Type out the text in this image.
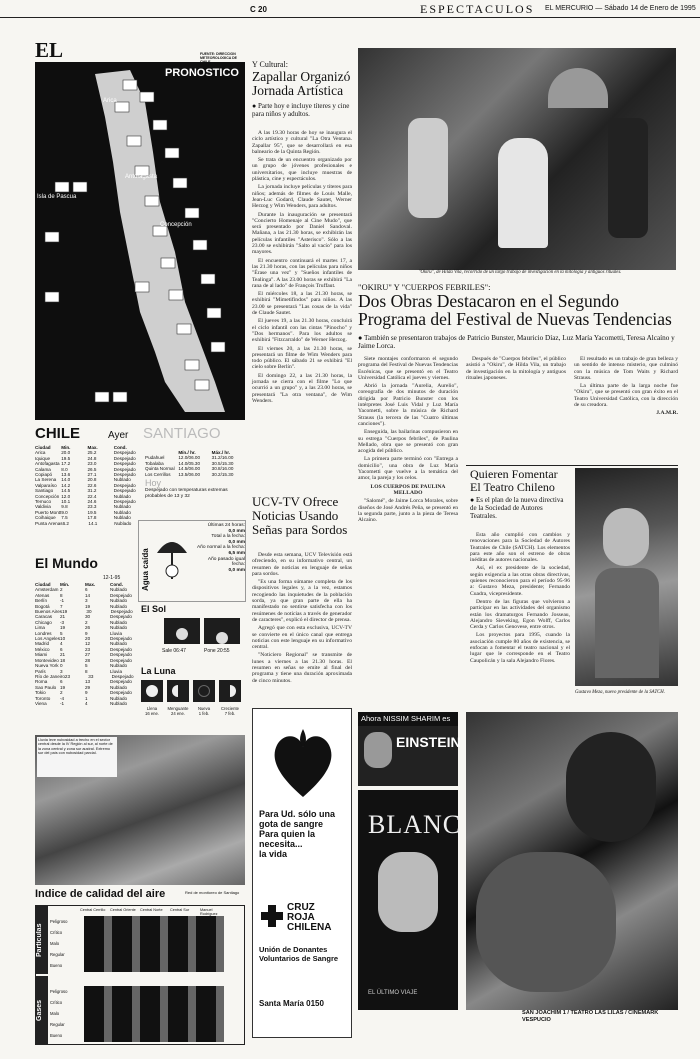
C 20	ESPECTACULOS EL MERCURIO — Sábado 14 de Enero de 1995
EL	FUENTE: DIRECCION METEOROLOGICA DE
PRONOSTICO
Arica
Antofagasta
Isla de Pascua
Concepción
CHILE	Ayer SANTIAGO
Ciudad	Min.	Max.	Cond.
Arica	20.0	25.2	Despejado
Iquique	19.5	24.8	Despejado
Antofagasta 17.2	23.0	Despejado
Calama	8.0	26.5	Despejado
Copiapó	13.6	27.1	Despejado
La Serena	14.0	20.8	Nublado
Valparaíso	14.2	22.6	Despejado
Santiago	14.5	31.2	Despejado
Concepción 12.0	22.4	Nublado
Temuco	10.1	24.6	Despejado
Valdivia	9.8	23.3	Nublado
Puerto Montt 9.0	19.5	Nublado
Coihaique	7.5	17.8	Nublado
Punta Arenas 6.2	14.1	Nublado
Mín./ hr.	Máx./ hr.
Pudahuel	12.0/06.00	31.2/16.00
Tobalaba	14.0/05.30	30.5/15.30
Quinta Normal 14.5/06.00	30.8/16.00
Los Cerrillos	13.5/06.00	30.2/15.30
Hoy
Despejado con temperaturas extremas probables de 13 y 32
El Mundo
12-1-95
Ciudad	Min.	Max.	Cond.
Amsterdam 2	6	Nublado
Atenas	8	14	Despejado
Berlín	-1	3	Nublado
Bogotá	7	19	Nublado
Buenos Aires 19	30	Despejado
Caracas	21	30	Despejado
Chicago	-3	2	Nublado
Lima	19	26	Nublado
Londres	5	9	Lluvia
Los Angeles 10	20	Despejado
Madrid	4	12	Nublado
México	6	23	Despejado
Miami	21	27	Despejado
Montevideo 18	28	Despejado
Nueva York 0	5	Nublado
París	3	8	Lluvia
Río de Janeiro 23	33	Despejado
Roma	6	13	Despejado
Sao Paulo 19	29	Nublado
Tokio	2	9	Despejado
Toronto	-4	1	Nublado
Viena	-1	4	Nublado
Agua caída
Últimas 24 horas:
0,0 mm
Total a la fecha:
0,0 mm
Año normal a la fecha:
6,5 mm
Año pasado igual fecha:
0,0 mm
El Sol
Sale 06:47	Pone 20:55
La Luna
Llena
16 ene.
Menguante
24 ene.
Nueva
1 feb.
Creciente
7 feb.
Lluvia leve nubosidad a trecho en el sector central desde la IV Región al sur, al norte de la zona central y zona sur austral. Extremo sur del país con nubosidad parcial.
Indice de calidad del aire	Red de monitoreo de Santiago
Partículas
Gases
Central Cerrillo	Central Oriente	Central Norte	Central Sur	Manuel Rodríguez
Peligroso
Crítico
Malo
Regular
Bueno
Peligroso
Crítico
Malo
Regular
Bueno
Y Cultural:
Zapallar Organizó Jornada Artística
● Parte hoy e incluye títeres y cine para niños y adultos.

A las 19.30 horas de hoy se inaugura el ciclo artístico y cultural "La Otra Ventana. Zapallar 95", que se desarrollará en esa balneario de la Quinta Región.

Se trata de un encuentro organizado por un grupo de jóvenes profesionales e universitarios, que incluye muestras de plástica, cine y espectáculos.

La jornada incluye películas y títeres para niños; además de filmes de Louis Malle, Jean-Luc Godard, Claude Sautet, Werner Herzog y Wim Wenders, para adultos.

Durante la inauguración se presentará "Concierto Homenaje al Cine Mudo", que será presentado por Daniel Sandoval. Mañana, a las 21.30 horas, se exhibirán las películas infantiles "Asterisco". Sólo a las 23.00 se exhibirán "Salto al vacío" para los mayores.

El encuentro continuará el martes 17, a las 21.30 horas, con las películas para niños "Érase una vez" y "Sueños infantiles de Tealinga". A las 23.00 horas se exhibirá "La rana de al lado" de François Truffaut.

El miércoles 18, a las 21.30 horas, se exhibirá "Mimetifindos" para niños. A las 23.00 se presentará "Las cosas de la vida" de Claude Sautet.

El jueves 19, a las 21.30 horas, concluirá el ciclo infantil con las cintas "Pinocho" y "Dos hermanos". Para los adultos se exhibirá "Fitzcarraldo" de Werner Herzog.

El viernes 20, a las 21.30 horas, se presentará un filme de Wim Wenders para todo público. El sábado 21 se exhibirá "El cielo sobre Berlín".

El domingo 22, a las 21.30 horas, la jornada se cierra con el filme "Lo que ocurrió a un grupo" y, a las 23.00 horas, se presentará "La otra ventana", de Wim Wenders.

UCV-TV Ofrece Noticias Usando Señas para Sordos

Desde esta semana, UCV Televisión está ofreciendo, en su informativo central, un resumen de noticias en lenguaje de señas para sordos.

"Es una forma súmame completa de los dispositivos legales y, a la vez, estamos recogiendo las inquietudes de la población sorda, ya que gran parte de ella ha manifestado no sentirse satisfecha con los resúmenes de noticias a través de generador de caracteres", explicó el director de prensa.

Agregó que con esta exclusiva, UCV-TV se convierte en el único canal que entrega noticias con este lenguaje en su informativo central.

"Noticiero Regional" se transmite de lunes a viernes a las 21.30 horas. El resumen en señas se emite al final del programa y tiene una duración aproximada de cinco minutos.

Para Ud. sólo una gota de sangre
Para quien la necesita...
la vida
CRUZ
ROJA
CHILENA
Unión de Donantes Voluntarios de Sangre
Santa María 0150
"Okiru", de Hilda Vila, recorrido de un largo trabajo de investigación en la mitología y antiguos rituales.
"OKIRU" Y "CUERPOS FEBRILES":
Dos Obras Destacaron en el Segundo Programa del Festival de Nuevas Tendencias
● También se presentaron trabajos de Patricio Bunster, Mauricio Díaz, Luz María Yacometti, Teresa Alcaíno y Jaime Lorca.

Siete montajes conformaron el segundo programa del Festival de Nuevas Tendencias Escénicas, que se presentó en el Teatro Universidad Católica el jueves y viernes.

Abrió la jornada "Aurelia, Aurelio", coreografía de dos minutos de duración dirigida por Patricio Bunster con los intérpretes José Luis Vidal y Luz María Yacometti, sobre la música de Richard Strauss (la tercera de las "Cuatro últimas canciones").

Enseguida, las bailarinas compusieron en su estrega "Cuerpos febriles", de Paulina Mellado, obra que se presentó con gran acogida del público.

La primera parte terminó con "Entrega a domicilio", una obra de Luz María Yacometti que vuelve a la temática del amor, la pareja y los celos.

LOS CUERPOS DE PAULINA MELLADO

"Salomé", de Jaime Lorca Morales, sobre diseños de José Andrés Peña, se presentó en la segunda parte, junto a la pieza de Teresa Alcaíno.

Después de "Cuerpos febriles", el público asistió a "Okiru", de Hilda Vila, un trabajo de investigación en la mitología y antiguos rituales japoneses.

El resultado es un trabajo de gran belleza y un sentido de intenso misterio, que culminó con la música de Tom Waits y Richard Strauss.

La última parte de la larga noche fue "Okiru", que se presentó con gran éxito en el Teatro Universidad Católica, con la dirección de su creadora.

J.A.M.R.

Quieren Fomentar El Teatro Chileno
● Es el plan de la nueva directiva de la Sociedad de Autores Teatrales.

Esta año cumplió con cambios y renovaciones para la Sociedad de Autores Teatrales de Chile (SATCH). Los elementos para este año son el estreno de obras inéditas de autores nacionales.

Así, el ex presidente de la sociedad, según exigencia a las otras obras directivas, quienes reconocieron para el período 95-96 a: Gustavo Meza, presidente; Fernando Cuadra, vicepresidente.

Dentro de las figuras que volvieron a participar en las actividades del organismo están los dramaturgos Fernando Josseau, Alejandro Sieveking, Egon Wolff, Carlos Cerda y Carlos Genovese, entre otros.

Los proyectos para 1995, cuando la asociación cumple 80 años de existencia, se enfocan a fomentar el teatro nacional y el lugar que le corresponde en el Teatro Caupolicán y la sala Alejandro Flores.

Gustavo Meza, nuevo presidente de la SATCH.
Ahora NISSIM SHARIM es
EINSTEIN
BLANC
EL ÚLTIMO VIAJE
SAN JOACHIM 1 / TEATRO LAS LILAS / CINEMARK VESPUCIO
